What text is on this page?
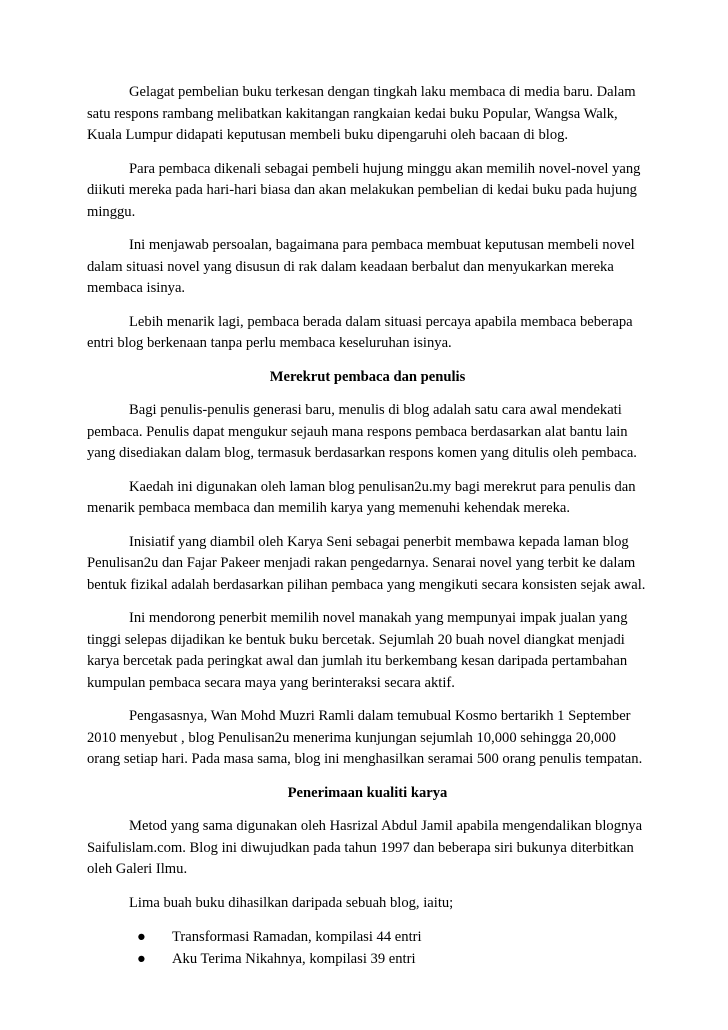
Gelagat pembelian buku terkesan dengan tingkah laku membaca di media baru. Dalam satu respons rambang melibatkan kakitangan rangkaian kedai buku Popular, Wangsa Walk, Kuala Lumpur didapati keputusan membeli buku dipengaruhi oleh bacaan di blog.

Para pembaca dikenali sebagai pembeli hujung minggu akan memilih novel-novel yang diikuti mereka pada hari-hari biasa dan akan melakukan pembelian di kedai buku pada hujung minggu.

Ini menjawab persoalan, bagaimana para pembaca membuat keputusan membeli novel dalam situasi novel yang disusun di rak dalam keadaan berbalut dan menyukarkan mereka membaca isinya.

Lebih menarik lagi, pembaca berada dalam situasi percaya apabila membaca beberapa entri blog berkenaan tanpa perlu membaca keseluruhan isinya.

Merekrut pembaca dan penulis

Bagi penulis-penulis generasi baru, menulis di blog adalah satu cara awal mendekati pembaca. Penulis dapat mengukur sejauh mana respons pembaca berdasarkan alat bantu lain yang disediakan dalam blog, termasuk berdasarkan respons komen yang ditulis oleh pembaca.

Kaedah ini digunakan oleh laman blog penulisan2u.my bagi merekrut para penulis dan menarik pembaca membaca dan memilih karya yang memenuhi kehendak mereka.

Inisiatif yang diambil oleh Karya Seni sebagai penerbit membawa kepada laman blog Penulisan2u dan Fajar Pakeer menjadi rakan pengedarnya. Senarai novel yang terbit ke dalam bentuk fizikal adalah berdasarkan pilihan pembaca yang mengikuti secara konsisten sejak awal.

Ini mendorong penerbit memilih novel manakah yang mempunyai impak jualan yang tinggi selepas dijadikan ke bentuk buku bercetak. Sejumlah 20 buah novel diangkat menjadi karya bercetak pada peringkat awal dan jumlah itu berkembang kesan daripada pertambahan kumpulan pembaca secara maya yang berinteraksi secara aktif.

Pengasasnya, Wan Mohd Muzri Ramli dalam temubual Kosmo bertarikh 1 September 2010 menyebut , blog Penulisan2u menerima kunjungan sejumlah 10,000 sehingga 20,000 orang setiap hari. Pada masa sama, blog ini menghasilkan seramai 500 orang penulis tempatan.

Penerimaan kualiti karya

Metod yang sama digunakan oleh Hasrizal Abdul Jamil apabila mengendalikan blognya Saifulislam.com. Blog ini diwujudkan pada tahun 1997 dan beberapa siri bukunya diterbitkan oleh Galeri Ilmu.

Lima buah buku dihasilkan daripada sebuah blog, iaitu;

● Transformasi Ramadan, kompilasi 44 entri
● Aku Terima Nikahnya, kompilasi 39 entri
